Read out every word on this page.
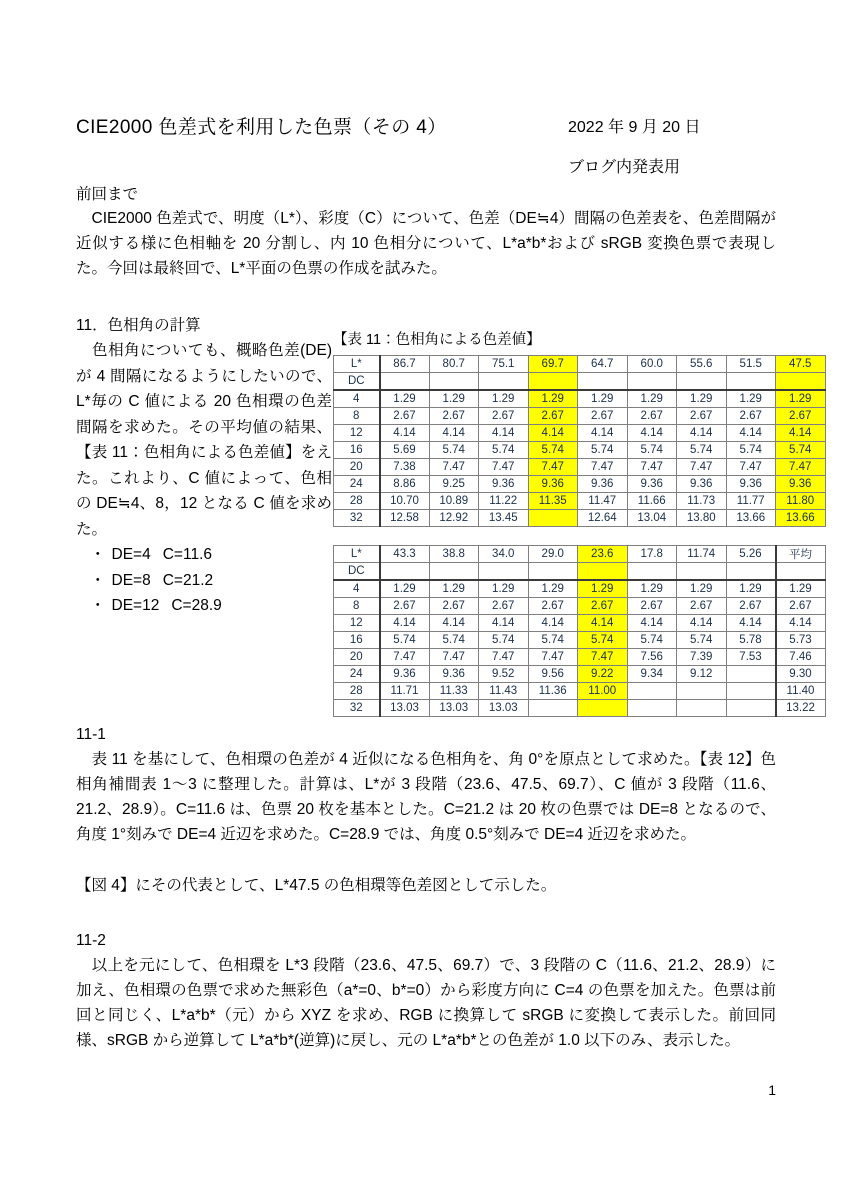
CIE2000 色差式を利用した色票（その 4）	2022 年 9 月 20 日
ブログ内発表用
前回まで
　CIE2000 色差式で、明度（L*）、彩度（C）について、色差（DE≒4）間隔の色差表を、色差間隔が近似する様に色相軸を 20 分割し、内 10 色相分について、L*a*b*および sRGB 変換色票で表現した。今回は最終回で、L*平面の色票の作成を試みた。
11．色相角の計算
　色相角についても、概略色差(DE)が 4 間隔になるようにしたいので、L*毎の C 値による 20 色相環の色差間隔を求めた。その平均値の結果、【表 11：色相角による色差値】をえた。これより、C 値によって、色相の DE≒4、8，12 となる C 値を求めた。
・ DE=4 C=11.6
・ DE=8 C=21.2
・ DE=12 C=28.9
【表 11：色相角による色差値】
L*	86.7	80.7	75.1	69.7	64.7	60.0	55.6	51.5	47.5
DC									
4	1.29	1.29	1.29	1.29	1.29	1.29	1.29	1.29	1.29
8	2.67	2.67	2.67	2.67	2.67	2.67	2.67	2.67	2.67
12	4.14	4.14	4.14	4.14	4.14	4.14	4.14	4.14	4.14
16	5.69	5.74	5.74	5.74	5.74	5.74	5.74	5.74	5.74
20	7.38	7.47	7.47	7.47	7.47	7.47	7.47	7.47	7.47
24	8.86	9.25	9.36	9.36	9.36	9.36	9.36	9.36	9.36
28	10.70	10.89	11.22	11.35	11.47	11.66	11.73	11.77	11.80
32	12.58	12.92	13.45		12.64	13.04	13.80	13.66	13.66
L*	43.3	38.8	34.0	29.0	23.6	17.8	11.74	5.26	平均
DC									
4	1.29	1.29	1.29	1.29	1.29	1.29	1.29	1.29	1.29
8	2.67	2.67	2.67	2.67	2.67	2.67	2.67	2.67	2.67
12	4.14	4.14	4.14	4.14	4.14	4.14	4.14	4.14	4.14
16	5.74	5.74	5.74	5.74	5.74	5.74	5.74	5.78	5.73
20	7.47	7.47	7.47	7.47	7.47	7.56	7.39	7.53	7.46
24	9.36	9.36	9.52	9.56	9.22	9.34	9.12		9.30
28	11.71	11.33	11.43	11.36	11.00				11.40
32	13.03	13.03	13.03						13.22
11-1
　表 11 を基にして、色相環の色差が 4 近似になる色相角を、角 0°を原点として求めた。【表 12】色相角補間表 1〜3 に整理した。計算は、L*が 3 段階（23.6、47.5、69.7）、C 値が 3 段階（11.6、21.2、28.9）。C=11.6 は、色票 20 枚を基本とした。C=21.2 は 20 枚の色票では DE=8 となるので、角度 1°刻みで DE=4 近辺を求めた。C=28.9 では、角度 0.5°刻みで DE=4 近辺を求めた。
【図 4】にその代表として、L*47.5 の色相環等色差図として示した。
11-2
　以上を元にして、色相環を L*3 段階（23.6、47.5、69.7）で、3 段階の C（11.6、21.2、28.9）に加え、色相環の色票で求めた無彩色（a*=0、b*=0）から彩度方向に C=4 の色票を加えた。色票は前回と同じく、L*a*b*（元）から XYZ を求め、RGB に換算して sRGB に変換して表示した。前回同様、sRGB から逆算して L*a*b*(逆算)に戻し、元の L*a*b*との色差が 1.0 以下のみ、表示した。
1
